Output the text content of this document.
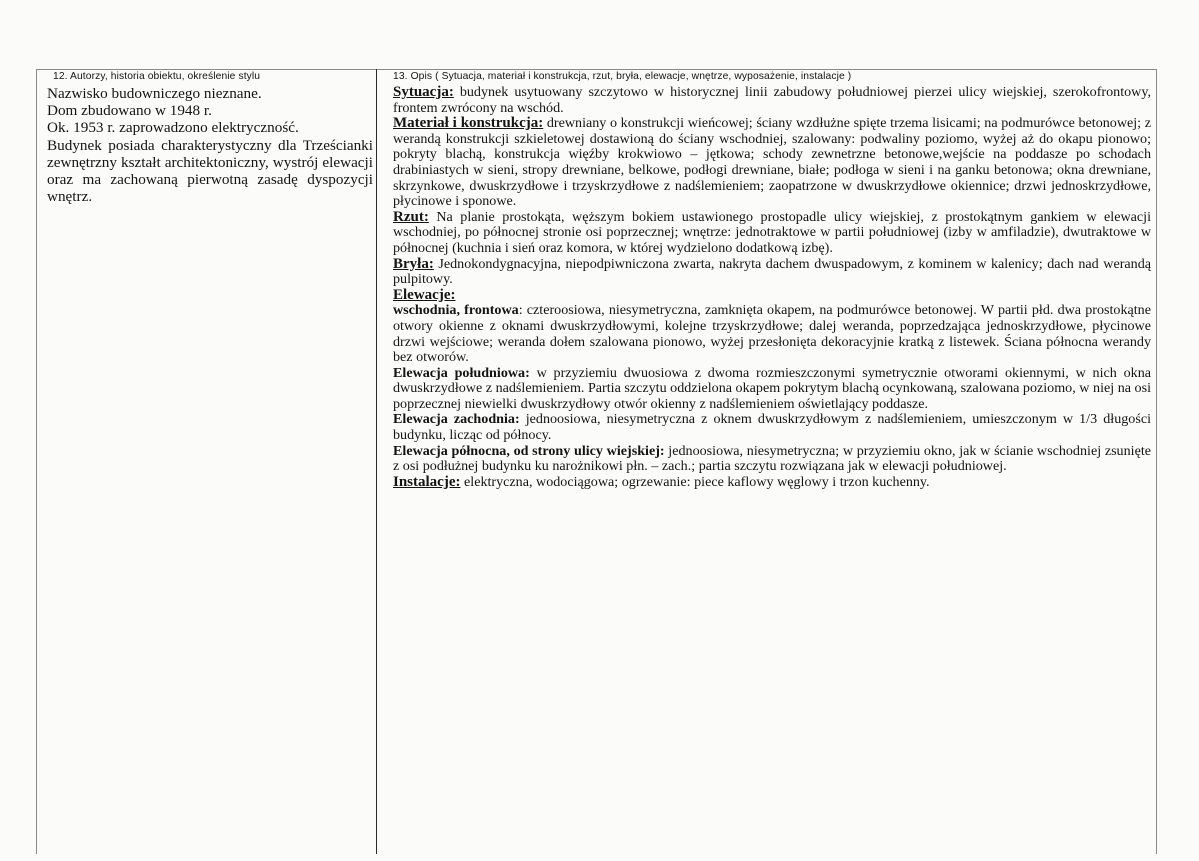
12. Autorzy, historia obiektu, określenie stylu

Nazwisko budowniczego nieznane.

Dom zbudowano w 1948 r.

Ok. 1953 r. zaprowadzono elektryczność.

Budynek posiada charakterystyczny dla Trześcianki zewnętrzny kształt architektoniczny, wystrój elewacji oraz ma zachowaną pierwotną zasadę dyspozycji wnętrz.

13. Opis ( Sytuacja, materiał i konstrukcja, rzut, bryła, elewacje, wnętrze, wyposażenie, instalacje )

Sytuacja: budynek usytuowany szczytowo w historycznej linii zabudowy południowej pierzei ulicy wiejskiej, szerokofrontowy, frontem zwrócony na wschód.

Materiał i konstrukcja: drewniany o konstrukcji wieńcowej; ściany wzdłużne spięte trzema lisicami; na podmurówce betonowej; z werandą konstrukcji szkieletowej dostawioną do ściany wschodniej, szalowany: podwaliny poziomo, wyżej aż do okapu pionowo; pokryty blachą, konstrukcja więźby krokwiowo – jętkowa; schody zewnetrzne betonowe,wejście na poddasze po schodach drabiniastych w sieni, stropy drewniane, belkowe, podłogi drewniane, białe; podłoga w sieni i na ganku betonowa; okna drewniane, skrzynkowe, dwuskrzydłowe i trzyskrzydłowe z nadślemieniem; zaopatrzone w dwuskrzydłowe okiennice; drzwi jednoskrzydłowe, płycinowe i sponowe.

Rzut: Na planie prostokąta, węższym bokiem ustawionego prostopadle ulicy wiejskiej, z prostokątnym gankiem w elewacji wschodniej, po północnej stronie osi poprzecznej; wnętrze: jednotraktowe w partii południowej (izby w amfiladzie), dwutraktowe w północnej (kuchnia i sień oraz komora, w której wydzielono dodatkową izbę).

Bryła: Jednokondygnacyjna, niepodpiwniczona zwarta, nakryta dachem dwuspadowym, z kominem w kalenicy; dach nad werandą pulpitowy.

Elewacje:

wschodnia, frontowa: czteroosiowa, niesymetryczna, zamknięta okapem, na podmurówce betonowej. W partii płd. dwa prostokątne otwory okienne z oknami dwuskrzydłowymi, kolejne trzyskrzydłowe; dalej weranda, poprzedzająca jednoskrzydłowe, płycinowe drzwi wejściowe; weranda dołem szalowana pionowo, wyżej przesłonięta dekoracyjnie kratką z listewek. Ściana północna werandy bez otworów.

Elewacja południowa: w przyziemiu dwuosiowa z dwoma rozmieszczonymi symetrycznie otworami okiennymi, w nich okna dwuskrzydłowe z nadślemieniem. Partia szczytu oddzielona okapem pokrytym blachą ocynkowaną, szalowana poziomo, w niej na osi poprzecznej niewielki dwuskrzydłowy otwór okienny z nadślemieniem oświetlający poddasze.

Elewacja zachodnia: jednoosiowa, niesymetryczna z oknem dwuskrzydłowym z nadślemieniem, umieszczonym w 1/3 długości budynku, licząc od północy.

Elewacja północna, od strony ulicy wiejskiej: jednoosiowa, niesymetryczna; w przyziemiu okno, jak w ścianie wschodniej zsunięte z osi podłużnej budynku ku narożnikowi płn. – zach.; partia szczytu rozwiązana jak w elewacji południowej.

Instalacje: elektryczna, wodociągowa; ogrzewanie: piece kaflowy węglowy i trzon kuchenny.
